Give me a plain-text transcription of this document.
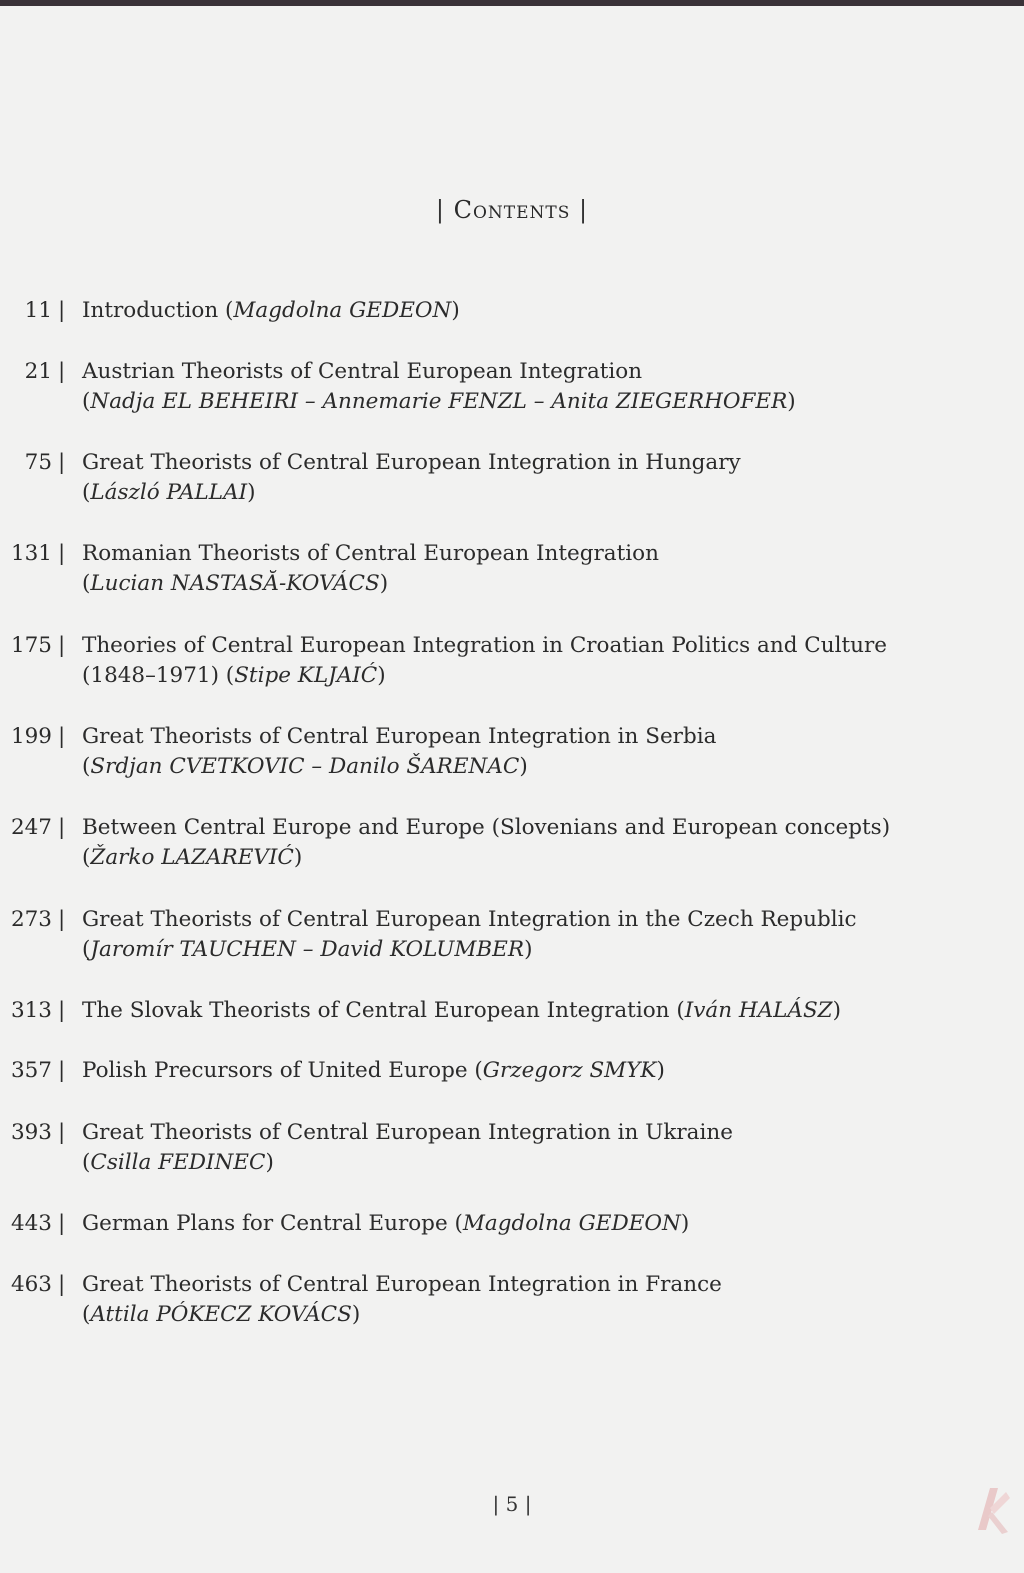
| Contents |
11 | Introduction (Magdolna GEDEON)
21 | Austrian Theorists of Central European Integration
(Nadja EL BEHEIRI – Annemarie FENZL – Anita ZIEGERHOFER)
75 | Great Theorists of Central European Integration in Hungary
(László PALLAI)
131 | Romanian Theorists of Central European Integration
(Lucian NASTASĂ-KOVÁCS)
175 | Theories of Central European Integration in Croatian Politics and Culture
(1848–1971) (Stipe KLJAIĆ)
199 | Great Theorists of Central European Integration in Serbia
(Srdjan CVETKOVIC – Danilo ŠARENAC)
247 | Between Central Europe and Europe (Slovenians and European concepts)
(Žarko LAZAREVIĆ)
273 | Great Theorists of Central European Integration in the Czech Republic
(Jaromír TAUCHEN – David KOLUMBER)
313 | The Slovak Theorists of Central European Integration (Iván HALÁSZ)
357 | Polish Precursors of United Europe (Grzegorz SMYK)
393 | Great Theorists of Central European Integration in Ukraine
(Csilla FEDINEC)
443 | German Plans for Central Europe (Magdolna GEDEON)
463 | Great Theorists of Central European Integration in France
(Attila PÓKECZ KOVÁCS)
| 5 |
